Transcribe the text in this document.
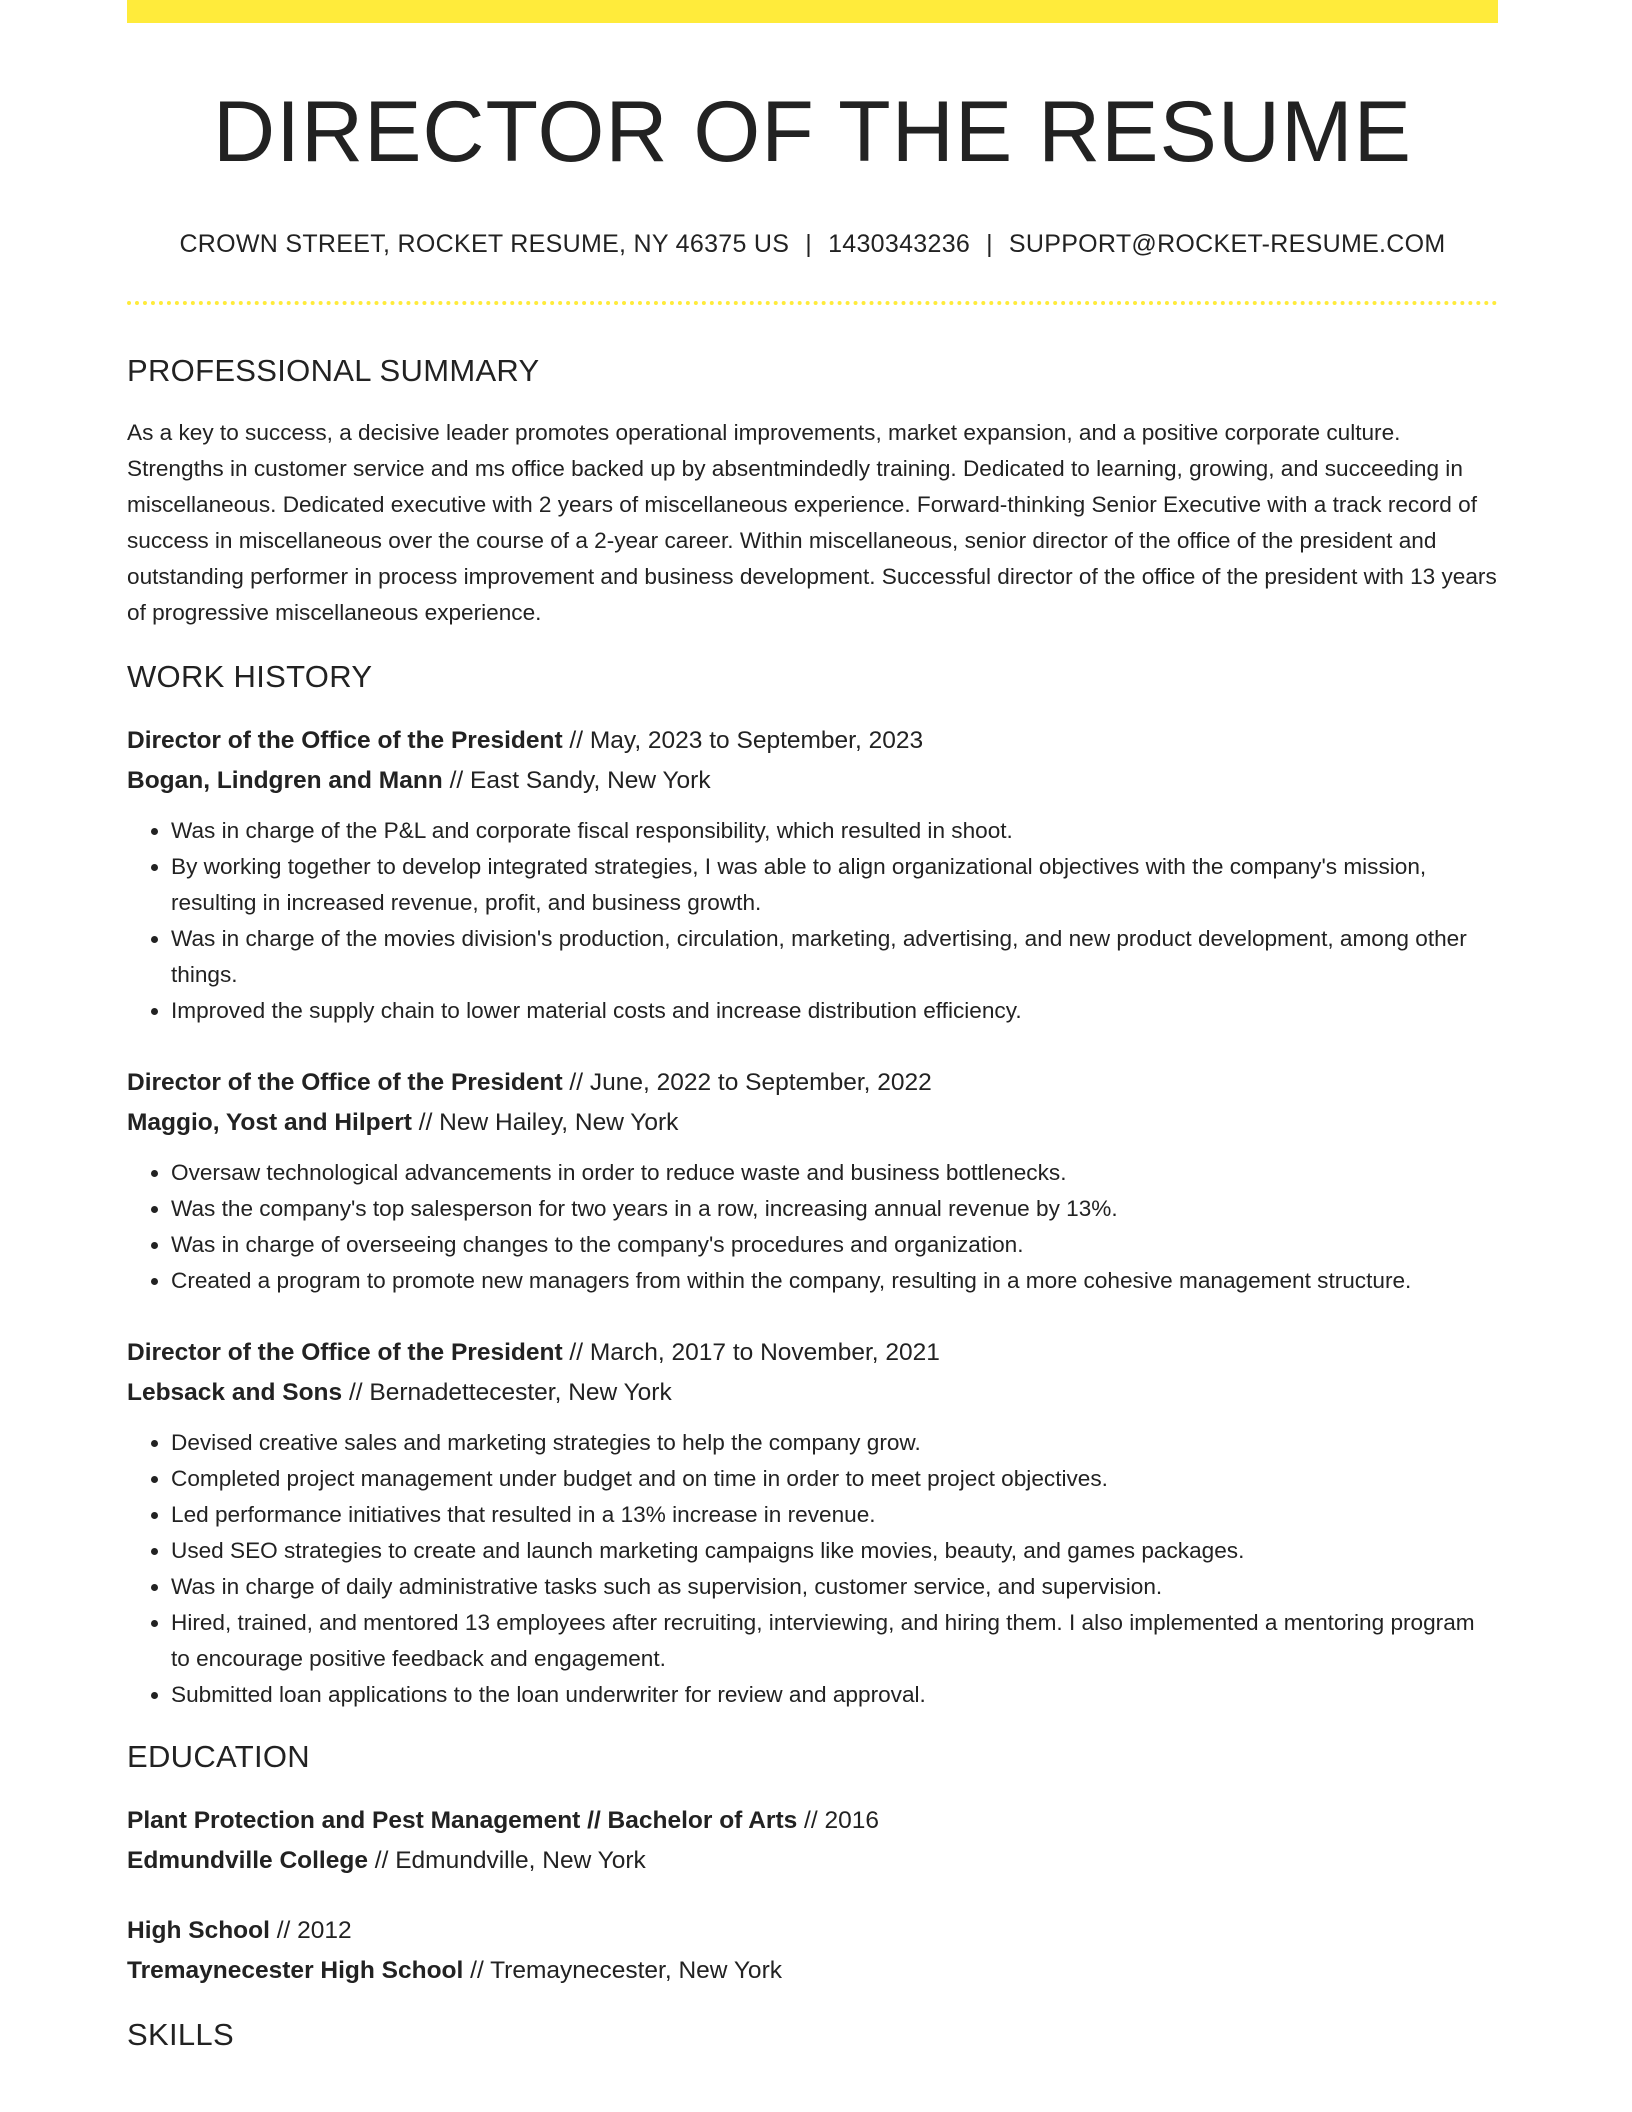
DIRECTOR OF THE RESUME
CROWN STREET, ROCKET RESUME, NY 46375 US | 1430343236 | SUPPORT@ROCKET-RESUME.COM
PROFESSIONAL SUMMARY
As a key to success, a decisive leader promotes operational improvements, market expansion, and a positive corporate culture. Strengths in customer service and ms office backed up by absentmindedly training. Dedicated to learning, growing, and succeeding in miscellaneous. Dedicated executive with 2 years of miscellaneous experience. Forward-thinking Senior Executive with a track record of success in miscellaneous over the course of a 2-year career. Within miscellaneous, senior director of the office of the president and outstanding performer in process improvement and business development. Successful director of the office of the president with 13 years of progressive miscellaneous experience.
WORK HISTORY
Director of the Office of the President // May, 2023 to September, 2023
Bogan, Lindgren and Mann // East Sandy, New York
• Was in charge of the P&L and corporate fiscal responsibility, which resulted in shoot.
• By working together to develop integrated strategies, I was able to align organizational objectives with the company's mission, resulting in increased revenue, profit, and business growth.
• Was in charge of the movies division's production, circulation, marketing, advertising, and new product development, among other things.
• Improved the supply chain to lower material costs and increase distribution efficiency.
Director of the Office of the President // June, 2022 to September, 2022
Maggio, Yost and Hilpert // New Hailey, New York
• Oversaw technological advancements in order to reduce waste and business bottlenecks.
• Was the company's top salesperson for two years in a row, increasing annual revenue by 13%.
• Was in charge of overseeing changes to the company's procedures and organization.
• Created a program to promote new managers from within the company, resulting in a more cohesive management structure.
Director of the Office of the President // March, 2017 to November, 2021
Lebsack and Sons // Bernadettecester, New York
• Devised creative sales and marketing strategies to help the company grow.
• Completed project management under budget and on time in order to meet project objectives.
• Led performance initiatives that resulted in a 13% increase in revenue.
• Used SEO strategies to create and launch marketing campaigns like movies, beauty, and games packages.
• Was in charge of daily administrative tasks such as supervision, customer service, and supervision.
• Hired, trained, and mentored 13 employees after recruiting, interviewing, and hiring them. I also implemented a mentoring program to encourage positive feedback and engagement.
• Submitted loan applications to the loan underwriter for review and approval.
EDUCATION
Plant Protection and Pest Management // Bachelor of Arts // 2016
Edmundville College // Edmundville, New York
High School // 2012
Tremaynecester High School // Tremaynecester, New York
SKILLS
